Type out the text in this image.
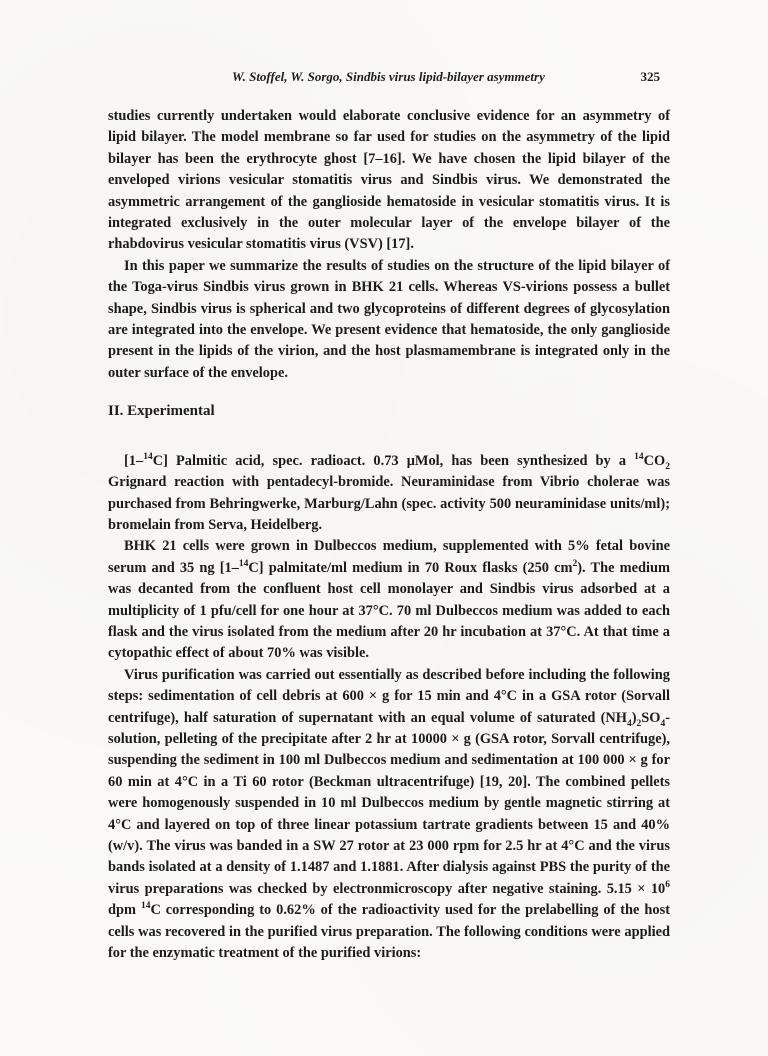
W. Stoffel, W. Sorgo, Sindbis virus lipid-bilayer asymmetry	325

studies currently undertaken would elaborate conclusive evidence for an asymmetry of lipid bilayer. The model membrane so far used for studies on the asymmetry of the lipid bilayer has been the erythrocyte ghost [7–16]. We have chosen the lipid bilayer of the enveloped virions vesicular stomatitis virus and Sindbis virus. We demonstrated the asymmetric arrangement of the ganglioside hematoside in vesicular stomatitis virus. It is integrated exclusively in the outer molecular layer of the envelope bilayer of the rhabdovirus vesicular stomatitis virus (VSV) [17].

In this paper we summarize the results of studies on the structure of the lipid bilayer of the Toga-virus Sindbis virus grown in BHK 21 cells. Whereas VS-virions possess a bullet shape, Sindbis virus is spherical and two glycoproteins of different degrees of glycosylation are integrated into the envelope. We present evidence that hematoside, the only ganglioside present in the lipids of the virion, and the host plasmamembrane is integrated only in the outer surface of the envelope.

II. Experimental

[1–$^{14}$C] Palmitic acid, spec. radioact. 0.73 μMol, has been synthesized by a $^{14}CO_2$ Grignard reaction with pentadecyl-bromide. Neuraminidase from Vibrio cholerae was purchased from Behringwerke, Marburg/Lahn (spec. activity 500 neuraminidase units/ml); bromelain from Serva, Heidelberg.

BHK 21 cells were grown in Dulbeccos medium, supplemented with 5% fetal bovine serum and 35 ng [1–$^{14}$C] palmitate/ml medium in 70 Roux flasks (250 $cm^2$). The medium was decanted from the confluent host cell monolayer and Sindbis virus adsorbed at a multiplicity of 1 pfu/cell for one hour at 37°C. 70 ml Dulbeccos medium was added to each flask and the virus isolated from the medium after 20 hr incubation at 37°C. At that time a cytopathic effect of about 70% was visible.

Virus purification was carried out essentially as described before including the following steps: sedimentation of cell debris at 600 × g for 15 min and 4°C in a GSA rotor (Sorvall centrifuge), half saturation of supernatant with an equal volume of saturated $(NH_4)_2SO_4$-solution, pelleting of the precipitate after 2 hr at 10000 × g (GSA rotor, Sorvall centrifuge), suspending the sediment in 100 ml Dulbeccos medium and sedimentation at 100 000 × g for 60 min at 4°C in a Ti 60 rotor (Beckman ultracentrifuge) [19, 20]. The combined pellets were homogenously suspended in 10 ml Dulbeccos medium by gentle magnetic stirring at 4°C and layered on top of three linear potassium tartrate gradients between 15 and 40% (w/v). The virus was banded in a SW 27 rotor at 23 000 rpm for 2.5 hr at 4°C and the virus bands isolated at a density of 1.1487 and 1.1881. After dialysis against PBS the purity of the virus preparations was checked by electronmicroscopy after negative staining. $5.15 \times 10^6$ dpm $^{14}$C corresponding to 0.62% of the radioactivity used for the prelabelling of the host cells was recovered in the purified virus preparation. The following conditions were applied for the enzymatic treatment of the purified virions:
